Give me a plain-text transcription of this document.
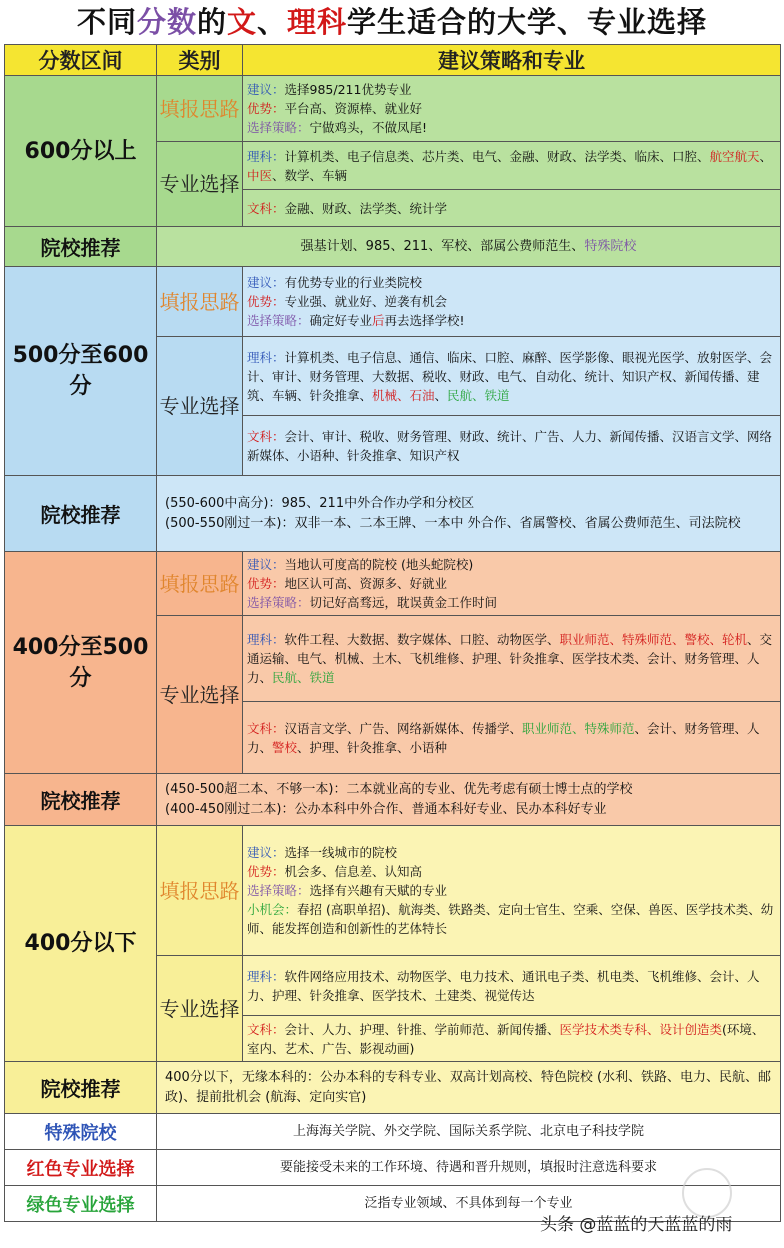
不同分数的文、理科学生适合的大学、专业选择
分数区间	类别	建议策略和专业
600分以上	填报思路	建议：选择985/211优势专业
优势：平台高、资源棒、就业好
选择策略：宁做鸡头，不做凤尾!

	专业选择	理科：计算机类、电子信息类、芯片类、电气、金融、财政、法学类、临床、口腔、航空航天、中医、数学、车辆
		文科：金融、财政、法学类、统计学
院校推荐	强基计划、985、211、军校、部属公费师范生、特殊院校	
500分至600分	填报思路	建议：有优势专业的行业类院校
优势：专业强、就业好、逆袭有机会
选择策略：确定好专业后再去选择学校!

	专业选择	理科：计算机类、电子信息、通信、临床、口腔、麻醉、医学影像、眼视光医学、放射医学、会计、审计、财务管理、大数据、税收、财政、电气、自动化、统计、知识产权、新闻传播、建筑、车辆、针灸推拿、机械、石油、民航、铁道
		文科：会计、审计、税收、财务管理、财政、统计、广告、人力、新闻传播、汉语言文学、网络新媒体、小语种、针灸推拿、知识产权
院校推荐	(550-600中高分)：985、211中外合作办学和分校区
(500-550刚过一本)：双非一本、二本王牌、一本中 外合作、省属警校、省属公费师范生、司法院校	

400分至500分	填报思路	建议：当地认可度高的院校 (地头蛇院校)
优势：地区认可高、资源多、好就业
选择策略：切记好高骛远，耽误黄金工作时间

	专业选择	理科：软件工程、大数据、数字媒体、口腔、动物医学、职业师范、特殊师范、警校、轮机、交通运输、电气、机械、土木、飞机维修、护理、针灸推拿、医学技术类、会计、财务管理、人力、民航、铁道
		文科：汉语言文学、广告、网络新媒体、传播学、职业师范、特殊师范、会计、财务管理、人力、警校、护理、针灸推拿、小语种
院校推荐	(450-500超二本、不够一本)：二本就业高的专业、优先考虑有硕士博士点的学校
(400-450刚过二本)：公办本科中外合作、普通本科好专业、民办本科好专业	

400分以下	填报思路	建议：选择一线城市的院校
优势：机会多、信息差、认知高
选择策略：选择有兴趣有天赋的专业
小机会：春招 (高职单招)、航海类、铁路类、定向士官生、空乘、空保、兽医、医学技术类、幼师、能发挥创造和创新性的艺体特长

	专业选择	理科：软件网络应用技术、动物医学、电力技术、通讯电子类、机电类、飞机维修、会计、人力、护理、针灸推拿、医学技术、土建类、视觉传达
		文科：会计、人力、护理、针推、学前师范、新闻传播、医学技术类专科、设计创造类(环境、室内、艺术、广告、影视动画)
院校推荐	400分以下，无缘本科的：公办本科的专科专业、双高计划高校、特色院校 (水利、铁路、电力、民航、邮政)、提前批机会 (航海、定向实官)	
特殊院校	上海海关学院、外交学院、国际关系学院、北京电子科技学院	
红色专业选择	要能接受未来的工作环境、待遇和晋升规则，填报时注意选科要求	
绿色专业选择	泛指专业领域、不具体到每一个专业	
头条 @蓝蓝的天蓝蓝的雨
